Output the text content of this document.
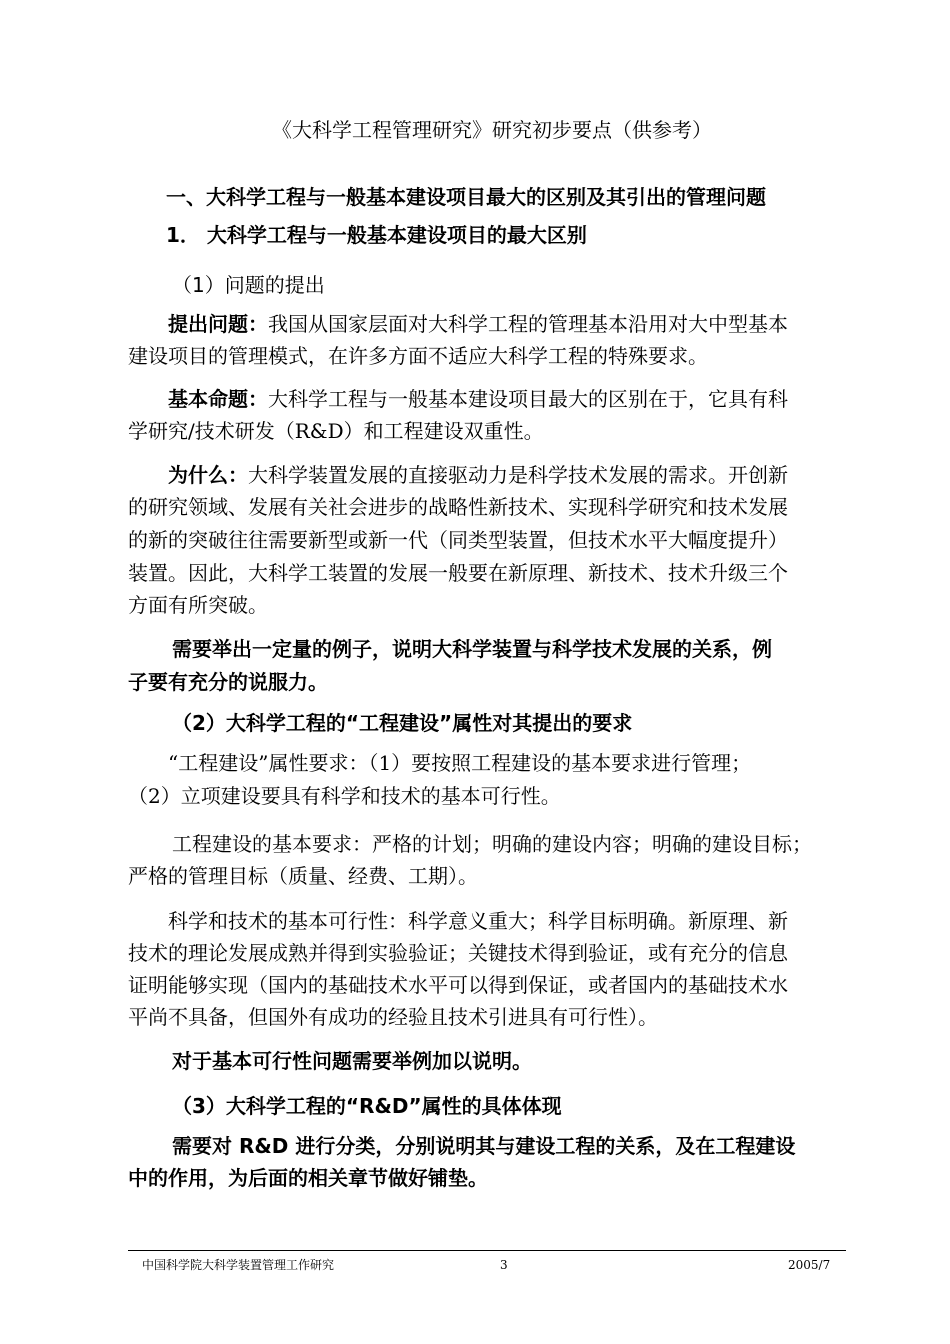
《大科学工程管理研究》研究初步要点（供参考）
一、大科学工程与一般基本建设项目最大的区别及其引出的管理问题
1． 大科学工程与一般基本建设项目的最大区别
（1）问题的提出
提出问题：我国从国家层面对大科学工程的管理基本沿用对大中型基本
建设项目的管理模式，在许多方面不适应大科学工程的特殊要求。
基本命题：大科学工程与一般基本建设项目最大的区别在于，它具有科
学研究/技术研发（R&D）和工程建设双重性。
为什么：大科学装置发展的直接驱动力是科学技术发展的需求。开创新
的研究领域、发展有关社会进步的战略性新技术、实现科学研究和技术发展
的新的突破往往需要新型或新一代（同类型装置，但技术水平大幅度提升）
装置。因此，大科学工装置的发展一般要在新原理、新技术、技术升级三个
方面有所突破。
需要举出一定量的例子，说明大科学装置与科学技术发展的关系，例
子要有充分的说服力。
（2）大科学工程的“工程建设”属性对其提出的要求
“工程建设”属性要求：（1）要按照工程建设的基本要求进行管理；
（2）立项建设要具有科学和技术的基本可行性。
工程建设的基本要求：严格的计划；明确的建设内容；明确的建设目标；
严格的管理目标（质量、经费、工期）。
科学和技术的基本可行性：科学意义重大；科学目标明确。新原理、新
技术的理论发展成熟并得到实验验证；关键技术得到验证，或有充分的信息
证明能够实现（国内的基础技术水平可以得到保证，或者国内的基础技术水
平尚不具备，但国外有成功的经验且技术引进具有可行性）。
对于基本可行性问题需要举例加以说明。
（3）大科学工程的“R&D”属性的具体体现
需要对 R&D 进行分类，分别说明其与建设工程的关系，及在工程建设
中的作用，为后面的相关章节做好铺垫。
中国科学院大科学装置管理工作研究	3	2005/7
